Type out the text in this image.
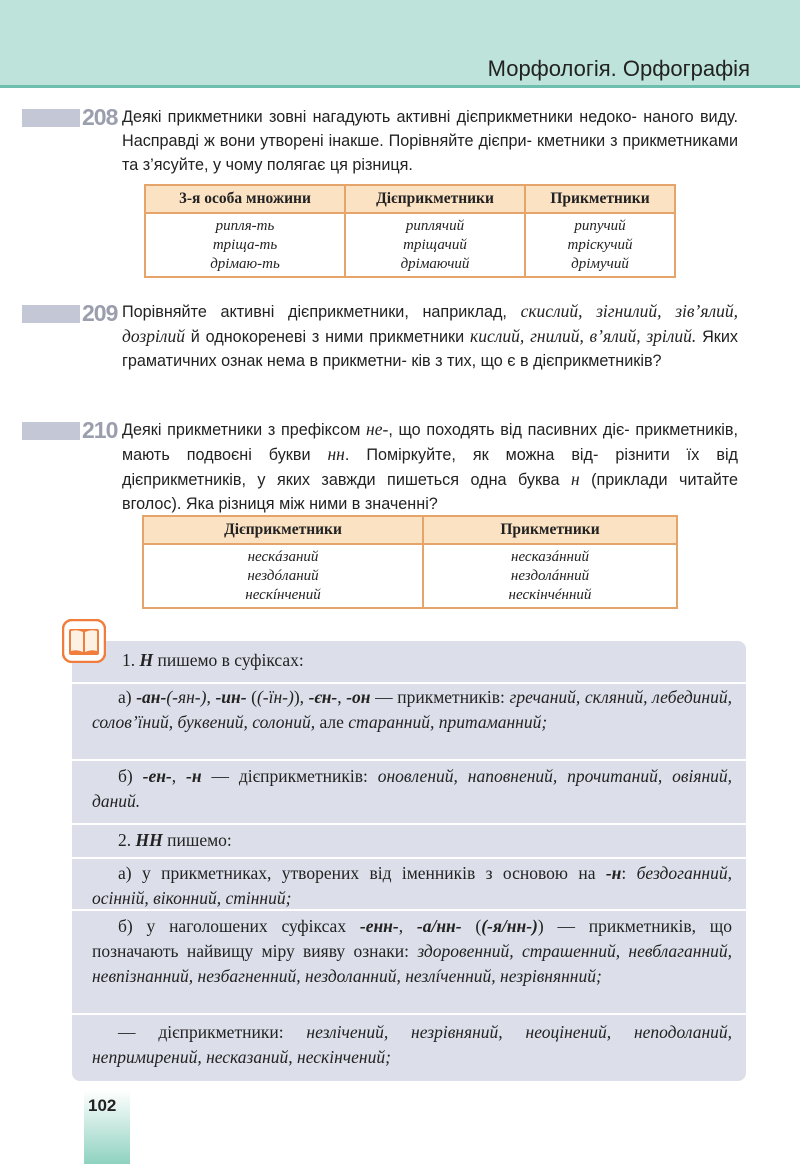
Морфологія. Орфографія
208 Деякі прикметники зовні нагадують активні дієприкметники недоко- наного виду. Насправді ж вони утворені інакше. Порівняйте дієпри- кметники з прикметниками та з’ясуйте, у чому полягає ця різниця.
3-я особа множини	Дієприкметники	Прикметники
рипля-ть	риплячий	рипучий
тріща-ть	тріщачий	тріскучий
дрімаю-ть	дрімаючий	дрімучий
209 Порівняйте активні дієприкметники, наприклад, скислий, зігнилий, зів’ялий, дозрілий й однокореневі з ними прикметники кислий, гнилий, в’ялий, зрілий. Яких граматичних ознак нема в прикметни- ків з тих, що є в дієприкметників?
210 Деякі прикметники з префіксом не-, що походять від пасивних діє- прикметників, мають подвоєні букви нн. Поміркуйте, як можна від- різнити їх від дієприкметників, у яких завжди пишеться одна буква н (приклади читайте вголос). Яка різниця між ними в значенні?
Дієприкметники	Прикметники
нескáзаний	несказáнний
нездóланий	нездолáнний
нескíнчений	нескінчéнний
1. Н пишемо в суфіксах:
а) -ан-(-ян-), -ин- ((-їн-)), -єн-, -он — прикметників: гречаний, скляний, лебединий, солов’їний, буквений, солоний, але старанний, притаманний;
б) -ен-, -н — дієприкметників: оновлений, наповнений, прочитаний, овіяний, даний.
2. НН пишемо:
а) у прикметниках, утворених від іменників з основою на -н: бездоганний, осінній, віконний, стінний;
б) у наголошених суфіксах -енн-, -а/нн- ((-я/нн-)) — прикметників, що позначають найвищу міру вияву ознаки: здоровенний, страшенний, невблаганний, невпізнанний, незбагненний, нездоланний, незлíченний, незрівнянний;
— дієприкметники: незлічений, незрівняний, неоцінений, неподоланий, непримирений, несказаний, нескінчений;
102
